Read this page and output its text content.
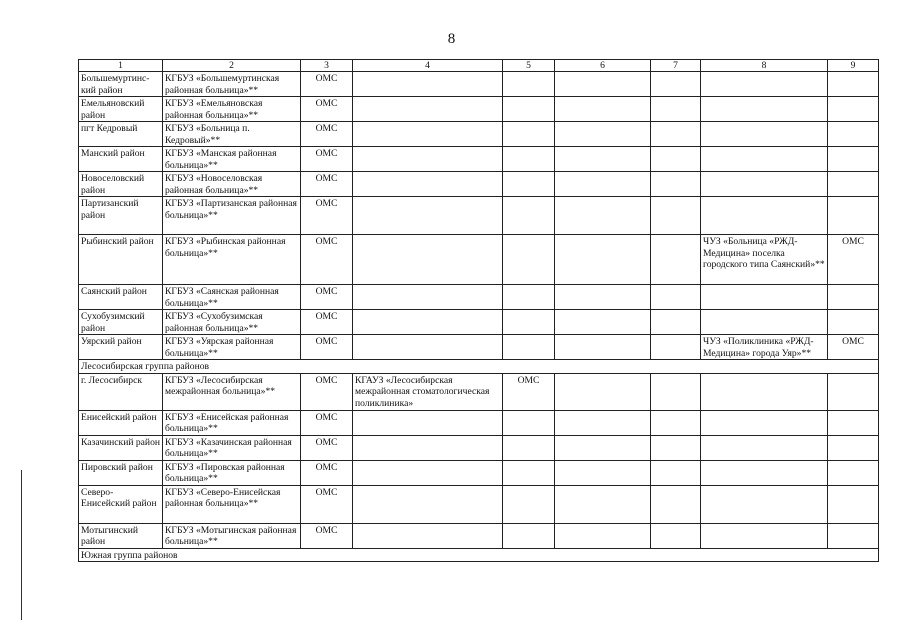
8
1	2	3	4	5	6	7	8	9
Большемуртинс-кий район	КГБУЗ «Большемуртинская районная больница»**	ОМС						
Емельяновский район	КГБУЗ «Емельяновская районная больница»**	ОМС						
пгт Кедровый	КГБУЗ «Больница п. Кедровый»**	ОМС						
Манский район	КГБУЗ «Манская районная больница»**	ОМС						
Новоселовский район	КГБУЗ «Новоселовская районная больница»**	ОМС						
Партизанский район	КГБУЗ «Партизанская районная больница»**	ОМС						
Рыбинский район	КГБУЗ «Рыбинская районная больница»**	ОМС					ЧУЗ «Больница «РЖД-Медицина» поселка городского типа Саянский»**	ОМС
Саянский район	КГБУЗ «Саянская районная больница»**	ОМС						
Сухобузимский район	КГБУЗ «Сухобузимская районная больница»**	ОМС						
Уярский район	КГБУЗ «Уярская районная больница»**	ОМС					ЧУЗ «Поликлиника «РЖД-Медицина» города Уяр»**	ОМС
Лесосибирская группа районов								
г. Лесосибирск	КГБУЗ «Лесосибирская межрайонная больница»**	ОМС	КГАУЗ «Лесосибирская межрайонная стоматологическая поликлиника»	ОМС				
Енисейский район	КГБУЗ «Енисейская районная больница»**	ОМС						
Казачинский район	КГБУЗ «Казачинская районная больница»**	ОМС						
Пировский район	КГБУЗ «Пировская районная больница»**	ОМС						
Северо-Енисейский район	КГБУЗ «Северо-Енисейская районная больница»**	ОМС						
Мотыгинский район	КГБУЗ «Мотыгинская районная больница»**	ОМС						
Южная группа районов								
